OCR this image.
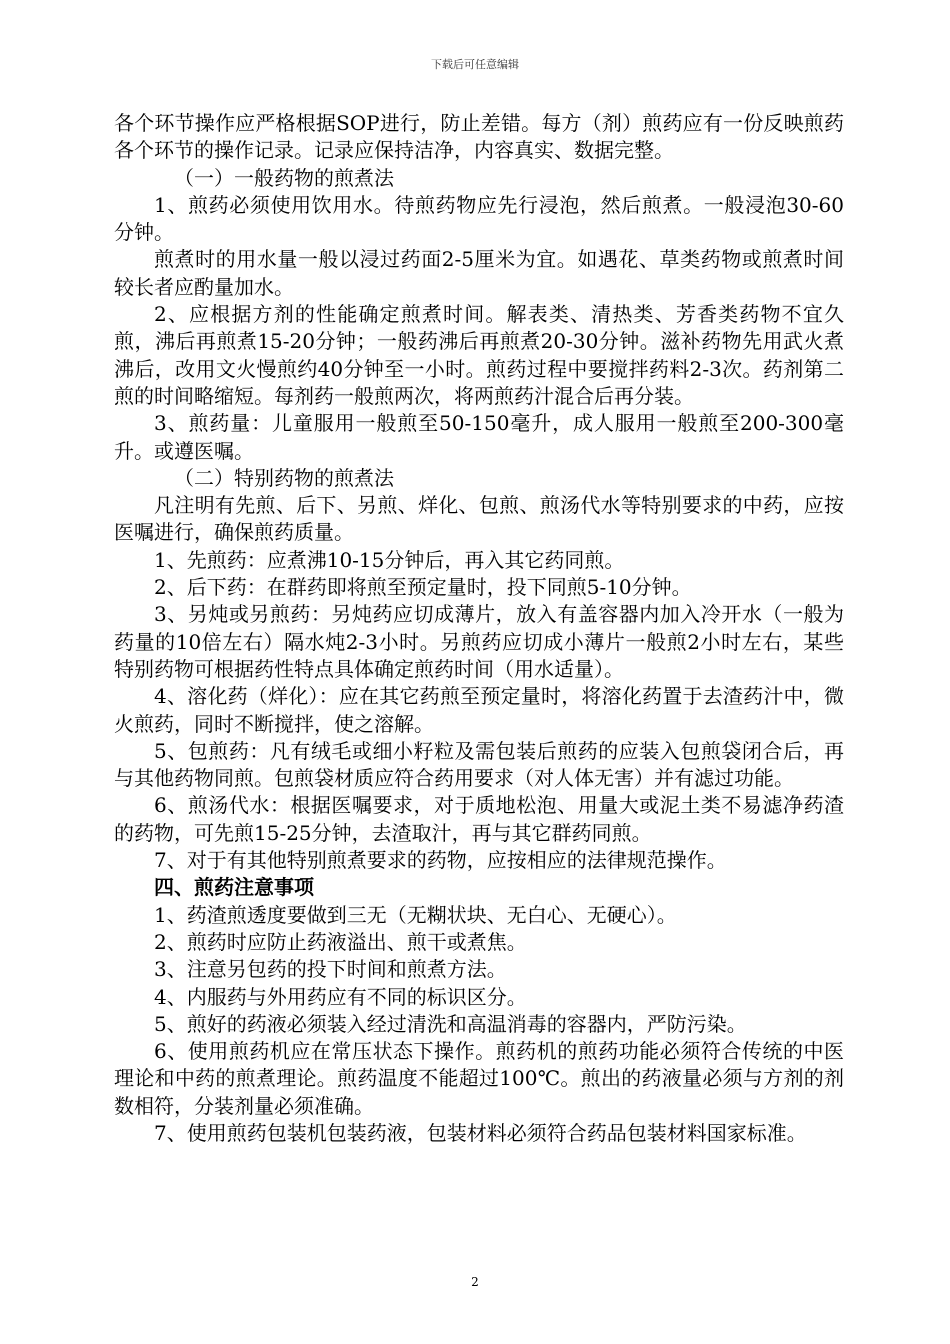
下载后可任意编辑

各个环节操作应严格根据SOP进行，防止差错。每方（剂）煎药应有一份反映煎药各个环节的操作记录。记录应保持洁净，内容真实、数据完整。

（一）一般药物的煎煮法

1、煎药必须使用饮用水。待煎药物应先行浸泡，然后煎煮。一般浸泡30-60分钟。

煎煮时的用水量一般以浸过药面2-5厘米为宜。如遇花、草类药物或煎煮时间较长者应酌量加水。

2、应根据方剂的性能确定煎煮时间。解表类、清热类、芳香类药物不宜久煎，沸后再煎煮15-20分钟；一般药沸后再煎煮20-30分钟。滋补药物先用武火煮沸后，改用文火慢煎约40分钟至一小时。煎药过程中要搅拌药料2-3次。药剂第二煎的时间略缩短。每剂药一般煎两次，将两煎药汁混合后再分装。

3、煎药量：儿童服用一般煎至50-150毫升，成人服用一般煎至200-300毫升。或遵医嘱。

（二）特别药物的煎煮法

凡注明有先煎、后下、另煎、烊化、包煎、煎汤代水等特别要求的中药，应按医嘱进行，确保煎药质量。

1、先煎药：应煮沸10-15分钟后，再入其它药同煎。

2、后下药：在群药即将煎至预定量时，投下同煎5-10分钟。

3、另炖或另煎药：另炖药应切成薄片，放入有盖容器内加入冷开水（一般为药量的10倍左右）隔水炖2-3小时。另煎药应切成小薄片一般煎2小时左右，某些特别药物可根据药性特点具体确定煎药时间（用水适量）。

4、溶化药（烊化）：应在其它药煎至预定量时，将溶化药置于去渣药汁中，微火煎药，同时不断搅拌，使之溶解。

5、包煎药：凡有绒毛或细小籽粒及需包装后煎药的应装入包煎袋闭合后，再与其他药物同煎。包煎袋材质应符合药用要求（对人体无害）并有滤过功能。

6、煎汤代水：根据医嘱要求，对于质地松泡、用量大或泥土类不易滤净药渣的药物，可先煎15-25分钟，去渣取汁，再与其它群药同煎。

7、对于有其他特别煎煮要求的药物，应按相应的法律规范操作。

四、煎药注意事项

1、药渣煎透度要做到三无（无糊状块、无白心、无硬心）。

2、煎药时应防止药液溢出、煎干或煮焦。

3、注意另包药的投下时间和煎煮方法。

4、内服药与外用药应有不同的标识区分。

5、煎好的药液必须装入经过清洗和高温消毒的容器内，严防污染。

6、使用煎药机应在常压状态下操作。煎药机的煎药功能必须符合传统的中医理论和中药的煎煮理论。煎药温度不能超过100℃。煎出的药液量必须与方剂的剂数相符，分装剂量必须准确。

7、使用煎药包装机包装药液，包装材料必须符合药品包装材料国家标准。

2
